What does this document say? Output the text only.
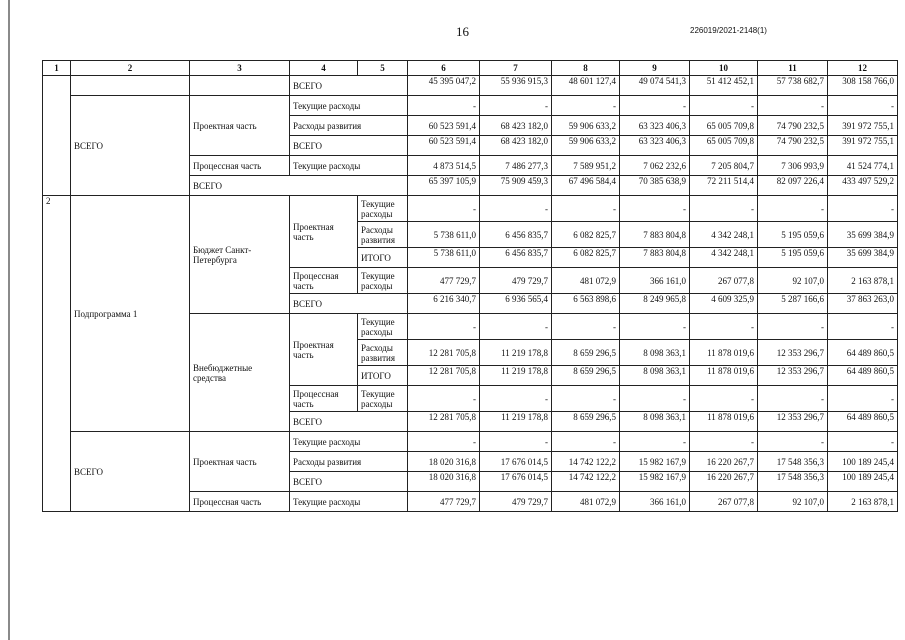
16	226019/2021-2148(1)
1	2	3	4	5	6	7	8	9	10	11	12
			ВСЕГО		45 395 047,2	55 936 915,3	48 601 127,4	49 074 541,3	51 412 452,1	57 738 682,7	308 158 766,0
	ВСЕГО	Проектная часть	Текущие расходы		-	-	-	-	-	-	-
			Расходы развития		60 523 591,4	68 423 182,0	59 906 633,2	63 323 406,3	65 005 709,8	74 790 232,5	391 972 755,1
			ВСЕГО		60 523 591,4	68 423 182,0	59 906 633,2	63 323 406,3	65 005 709,8	74 790 232,5	391 972 755,1
		Процессная часть	Текущие расходы		4 873 514,5	7 486 277,3	7 589 951,2	7 062 232,6	7 205 804,7	7 306 993,9	41 524 774,1
		ВСЕГО			65 397 105,9	75 909 459,3	67 496 584,4	70 385 638,9	72 211 514,4	82 097 226,4	433 497 529,2
2	Подпрограмма 1	Бюджет Санкт-Петербурга	Проектная часть	Текущие расходы	-	-	-	-	-	-	-
				Расходы развития	5 738 611,0	6 456 835,7	6 082 825,7	7 883 804,8	4 342 248,1	5 195 059,6	35 699 384,9
				ИТОГО	5 738 611,0	6 456 835,7	6 082 825,7	7 883 804,8	4 342 248,1	5 195 059,6	35 699 384,9
			Процессная часть	Текущие расходы	477 729,7	479 729,7	481 072,9	366 161,0	267 077,8	92 107,0	2 163 878,1
			ВСЕГО		6 216 340,7	6 936 565,4	6 563 898,6	8 249 965,8	4 609 325,9	5 287 166,6	37 863 263,0
		Внебюджетные средства	Проектная часть	Текущие расходы	-	-	-	-	-	-	-
				Расходы развития	12 281 705,8	11 219 178,8	8 659 296,5	8 098 363,1	11 878 019,6	12 353 296,7	64 489 860,5
				ИТОГО	12 281 705,8	11 219 178,8	8 659 296,5	8 098 363,1	11 878 019,6	12 353 296,7	64 489 860,5
			Процессная часть	Текущие расходы	-	-	-	-	-	-	-
			ВСЕГО		12 281 705,8	11 219 178,8	8 659 296,5	8 098 363,1	11 878 019,6	12 353 296,7	64 489 860,5
	ВСЕГО	Проектная часть	Текущие расходы		-	-	-	-	-	-	-
			Расходы развития		18 020 316,8	17 676 014,5	14 742 122,2	15 982 167,9	16 220 267,7	17 548 356,3	100 189 245,4
			ВСЕГО		18 020 316,8	17 676 014,5	14 742 122,2	15 982 167,9	16 220 267,7	17 548 356,3	100 189 245,4
		Процессная часть	Текущие расходы		477 729,7	479 729,7	481 072,9	366 161,0	267 077,8	92 107,0	2 163 878,1
